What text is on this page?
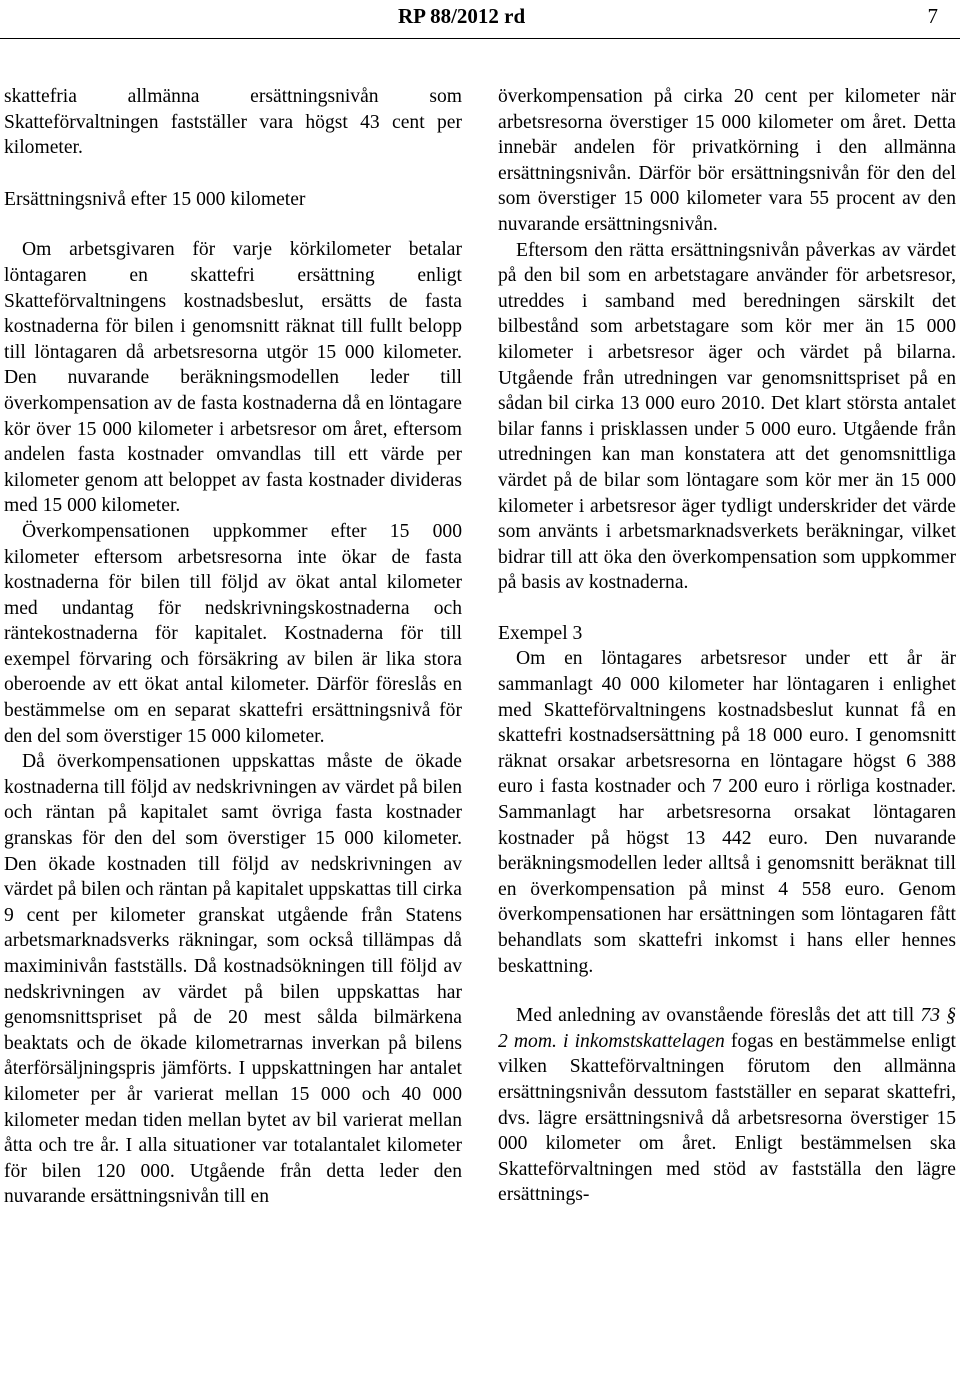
RP 88/2012 rd	7

skattefria allmänna ersättningsnivån som Skatteförvaltningen fastställer vara högst 43 cent per kilometer.

Ersättningsnivå efter 15 000 kilometer

Om arbetsgivaren för varje körkilometer betalar löntagaren en skattefri ersättning enligt Skatteförvaltningens kostnadsbeslut, ersätts de fasta kostnaderna för bilen i genomsnitt räknat till fullt belopp till löntagaren då arbetsresorna utgör 15 000 kilometer. Den nuvarande beräkningsmodellen leder till överkompensation av de fasta kostnaderna då en löntagare kör över 15 000 kilometer i arbetsresor om året, eftersom andelen fasta kostnader omvandlas till ett värde per kilometer genom att beloppet av fasta kostnader divideras med 15 000 kilometer.

Överkompensationen uppkommer efter 15 000 kilometer eftersom arbetsresorna inte ökar de fasta kostnaderna för bilen till följd av ökat antal kilometer med undantag för nedskrivningskostnaderna och räntekostnaderna för kapitalet. Kostnaderna för till exempel förvaring och försäkring av bilen är lika stora oberoende av ett ökat antal kilometer. Därför föreslås en bestämmelse om en separat skattefri ersättningsnivå för den del som överstiger 15 000 kilometer.

Då överkompensationen uppskattas måste de ökade kostnaderna till följd av nedskrivningen av värdet på bilen och räntan på kapitalet samt övriga fasta kostnader granskas för den del som överstiger 15 000 kilometer. Den ökade kostnaden till följd av nedskrivningen av värdet på bilen och räntan på kapitalet uppskattas till cirka 9 cent per kilometer granskat utgående från Statens arbetsmarknadsverks räkningar, som också tillämpas då maximinivån fastställs. Då kostnadsökningen till följd av nedskrivningen av värdet på bilen uppskattas har genomsnittspriset på de 20 mest sålda bilmärkena beaktats och de ökade kilometrarnas inverkan på bilens återförsäljningspris jämförts. I uppskattningen har antalet kilometer per år varierat mellan 15 000 och 40 000 kilometer medan tiden mellan bytet av bil varierat mellan åtta och tre år. I alla situationer var totalantalet kilometer för bilen 120 000. Utgående från detta leder den nuvarande ersättningsnivån till en

överkompensation på cirka 20 cent per kilometer när arbetsresorna överstiger 15 000 kilometer om året. Detta innebär andelen för privatkörning i den allmänna ersättningsnivån. Därför bör ersättningsnivån för den del som överstiger 15 000 kilometer vara 55 procent av den nuvarande ersättningsnivån.

Eftersom den rätta ersättningsnivån påverkas av värdet på den bil som en arbetstagare använder för arbetsresor, utreddes i samband med beredningen särskilt det bilbestånd som arbetstagare som kör mer än 15 000 kilometer i arbetsresor äger och värdet på bilarna. Utgående från utredningen var genomsnittspriset på en sådan bil cirka 13 000 euro 2010. Det klart största antalet bilar fanns i prisklassen under 5 000 euro. Utgående från utredningen kan man konstatera att det genomsnittliga värdet på de bilar som löntagare som kör mer än 15 000 kilometer i arbetsresor äger tydligt underskrider det värde som använts i arbetsmarknadsverkets beräkningar, vilket bidrar till att öka den överkompensation som uppkommer på basis av kostnaderna.

Exempel 3

Om en löntagares arbetsresor under ett år är sammanlagt 40 000 kilometer har löntagaren i enlighet med Skatteförvaltningens kostnadsbeslut kunnat få en skattefri kostnadsersättning på 18 000 euro. I genomsnitt räknat orsakar arbetsresorna en löntagare högst 6 388 euro i fasta kostnader och 7 200 euro i rörliga kostnader. Sammanlagt har arbetsresorna orsakat löntagaren kostnader på högst 13 442 euro. Den nuvarande beräkningsmodellen leder alltså i genomsnitt beräknat till en överkompensation på minst 4 558 euro. Genom överkompensationen har ersättningen som löntagaren fått behandlats som skattefri inkomst i hans eller hennes beskattning.

Med anledning av ovanstående föreslås det att till 73 § 2 mom. i inkomstskattelagen fogas en bestämmelse enligt vilken Skatteförvaltningen förutom den allmänna ersättningsnivån dessutom fastställer en separat skattefri, dvs. lägre ersättningsnivå då arbetsresorna överstiger 15 000 kilometer om året. Enligt bestämmelsen ska Skatteförvaltningen med stöd av fastställa den lägre ersättnings-
